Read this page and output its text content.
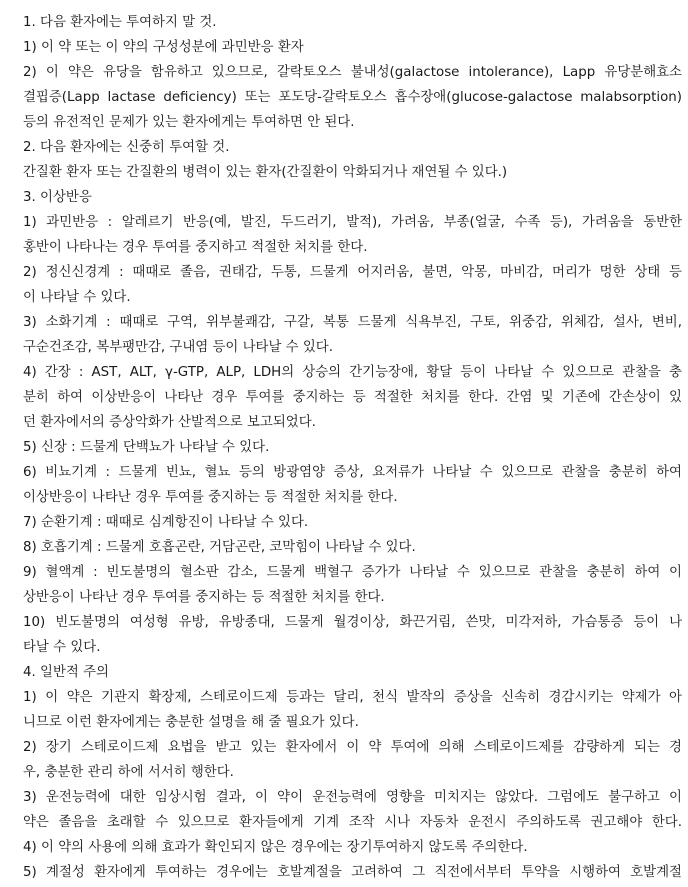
1. 다음 환자에는 투여하지 말 것.
1) 이 약 또는 이 약의 구성성분에 과민반응 환자
2) 이 약은 유당을 함유하고 있으므로, 갈락토오스 불내성(galactose intolerance), Lapp 유당분해효소
결핍증(Lapp lactase deficiency) 또는 포도당-갈락토오스 흡수장애(glucose-galactose malabsorption)
등의 유전적인 문제가 있는 환자에게는 투여하면 안 된다.
2. 다음 환자에는 신중히 투여할 것.
간질환 환자 또는 간질환의 병력이 있는 환자(간질환이 악화되거나 재연될 수 있다.)
3. 이상반응
1) 과민반응 : 알레르기 반응(예, 발진, 두드러기, 발적), 가려움, 부종(얼굴, 수족 등), 가려움을 동반한
홍반이 나타나는 경우 투여를 중지하고 적절한 처치를 한다.
2) 정신신경계 : 때때로 졸음, 권태감, 두통, 드물게 어지러움, 불면, 악몽, 마비감, 머리가 멍한 상태 등
이 나타날 수 있다.
3) 소화기계 : 때때로 구역, 위부불쾌감, 구갈, 복통 드물게 식욕부진, 구토, 위중감, 위체감, 설사, 변비,
구순건조감, 복부팽만감, 구내염 등이 나타날 수 있다.
4) 간장 : AST, ALT, γ-GTP, ALP, LDH의 상승의 간기능장애, 황달 등이 나타날 수 있으므로 관찰을 충
분히 하여 이상반응이 나타난 경우 투여를 중지하는 등 적절한 처치를 한다. 간염 및 기존에 간손상이 있
던 환자에서의 증상악화가 산발적으로 보고되었다.
5) 신장 : 드물게 단백뇨가 나타날 수 있다.
6) 비뇨기계 : 드물게 빈뇨, 혈뇨 등의 방광염양 증상, 요저류가 나타날 수 있으므로 관찰을 충분히 하여
이상반응이 나타난 경우 투여를 중지하는 등 적절한 처치를 한다.
7) 순환기계 : 때때로 심계항진이 나타날 수 있다.
8) 호흡기계 : 드물게 호흡곤란, 거담곤란, 코막힘이 나타날 수 있다.
9) 혈액계 : 빈도불명의 혈소판 감소, 드물게 백혈구 증가가 나타날 수 있으므로 관찰을 충분히 하여 이
상반응이 나타난 경우 투여를 중지하는 등 적절한 처치를 한다.
10) 빈도불명의 여성형 유방, 유방종대, 드물게 월경이상, 화끈거림, 쓴맛, 미각저하, 가슴통증 등이 나
타날 수 있다.
4. 일반적 주의
1) 이 약은 기관지 확장제, 스테로이드제 등과는 달리, 천식 발작의 증상을 신속히 경감시키는 약제가 아
니므로 이런 환자에게는 충분한 설명을 해 줄 필요가 있다.
2) 장기 스테로이드제 요법을 받고 있는 환자에서 이 약 투여에 의해 스테로이드제를 감량하게 되는 경
우, 충분한 관리 하에 서서히 행한다.
3) 운전능력에 대한 임상시험 결과, 이 약이 운전능력에 영향을 미치지는 않았다. 그럼에도 불구하고 이
약은 졸음을 초래할 수 있으므로 환자들에게 기계 조작 시나 자동차 운전시 주의하도록 권고해야 한다.
4) 이 약의 사용에 의해 효과가 확인되지 않은 경우에는 장기투여하지 않도록 주의한다.
5) 계절성 환자에게 투여하는 경우에는 호발계절을 고려하여 그 직전에서부터 투약을 시행하여 호발계절
